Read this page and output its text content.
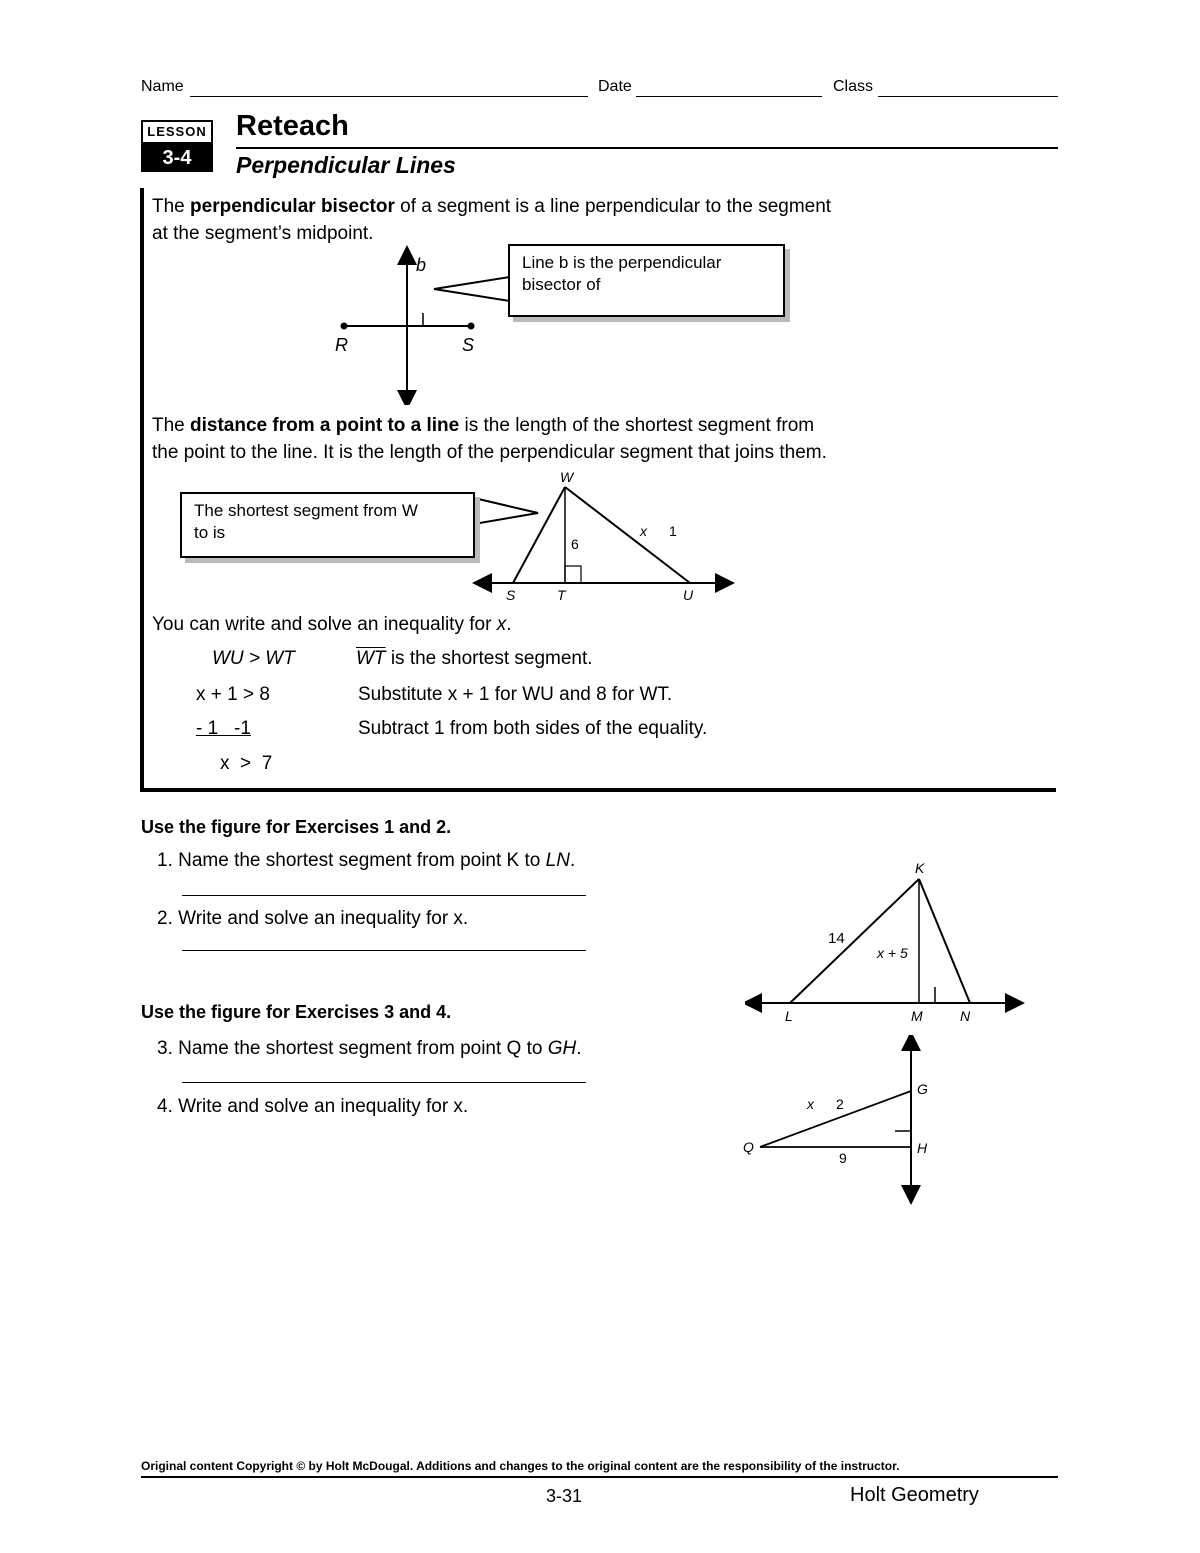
Name	Date	Class
LESSON
3-4
Reteach
Perpendicular Lines
The perpendicular bisector of a segment is a line perpendicular to the segment
at the segment’s midpoint.
b
R	S
Line b is the perpendicular
bisector of
The distance from a point to a line is the length of the shortest segment from
the point to the line. It is the length of the perpendicular segment that joins them.
W
S	T	U
6
x 1
The shortest segment from W
to is
You can write and solve an inequality for x.
WU > WT	$\overline{WT}$ is the shortest segment.
x + 1 > 8	Substitute x + 1 for WU and 8 for WT.
- 1   -1	Subtract 1 from both sides of the equality.
x  >  7
Use the figure for Exercises 1 and 2.
1. Name the shortest segment from point K to LN.
2. Write and solve an inequality for x.
Use the figure for Exercises 3 and 4.
3. Name the shortest segment from point Q to GH.
4. Write and solve an inequality for x.
K
L	M	N
14
x + 5
G
H
Q
x 2
9
Original content Copyright © by Holt McDougal. Additions and changes to the original content are the responsibility of the instructor.
3-31	Holt Geometry
